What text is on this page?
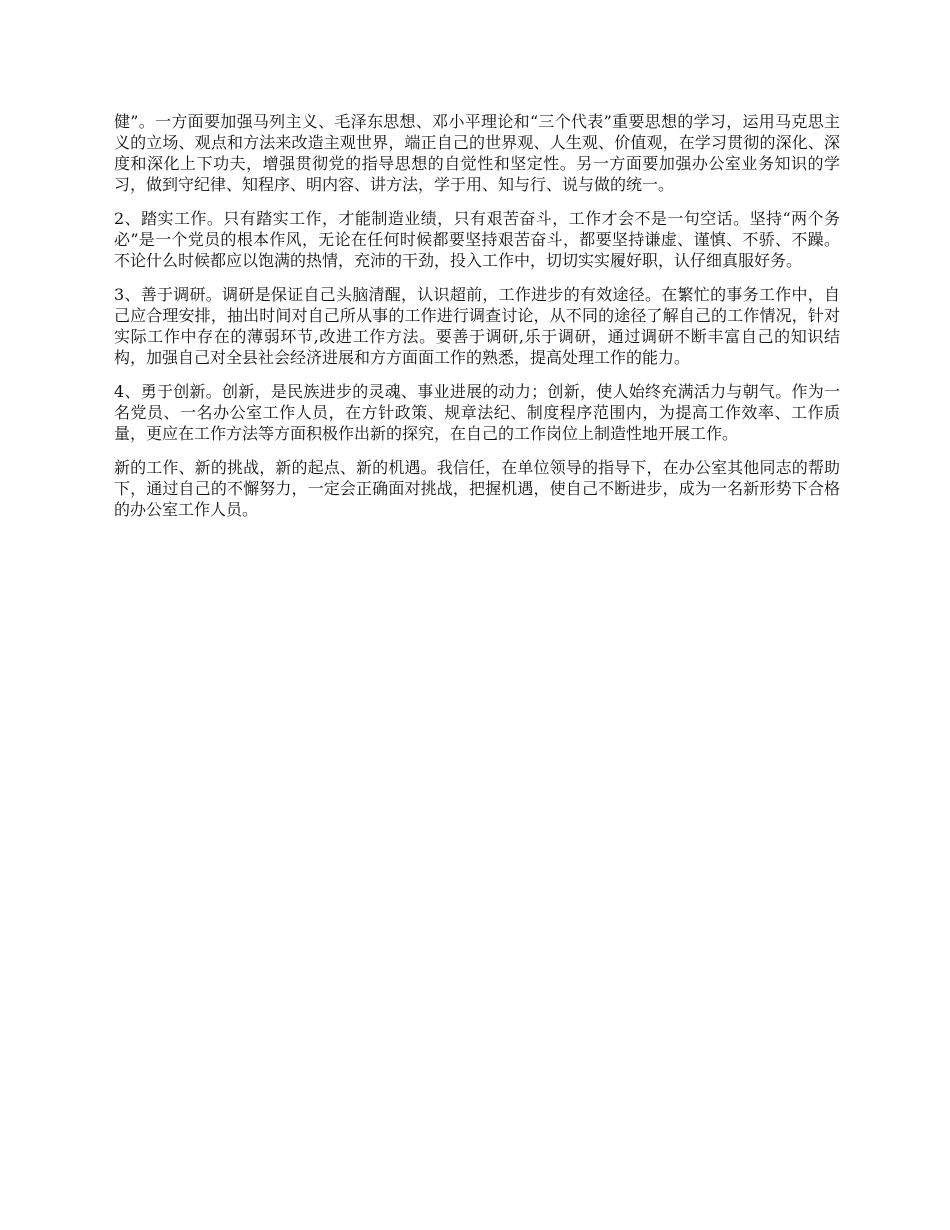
健”。一方面要加强马列主义、毛泽东思想、邓小平理论和“三个代表”重要思想的学习，运用马克思主义的立场、观点和方法来改造主观世界，端正自己的世界观、人生观、价值观，在学习贯彻的深化、深度和深化上下功夫，增强贯彻党的指导思想的自觉性和坚定性。另一方面要加强办公室业务知识的学习，做到守纪律、知程序、明内容、讲方法，学于用、知与行、说与做的统一。

2、踏实工作。只有踏实工作，才能制造业绩，只有艰苦奋斗，工作才会不是一句空话。坚持“两个务必”是一个党员的根本作风，无论在任何时候都要坚持艰苦奋斗，都要坚持谦虚、谨慎、不骄、不躁。不论什么时候都应以饱满的热情，充沛的干劲，投入工作中，切切实实履好职，认仔细真服好务。

3、善于调研。调研是保证自己头脑清醒，认识超前，工作进步的有效途径。在繁忙的事务工作中，自己应合理安排，抽出时间对自己所从事的工作进行调查讨论，从不同的途径了解自己的工作情况，针对实际工作中存在的薄弱环节,改进工作方法。要善于调研,乐于调研，通过调研不断丰富自己的知识结构，加强自己对全县社会经济进展和方方面面工作的熟悉，提高处理工作的能力。

4、勇于创新。创新，是民族进步的灵魂、事业进展的动力；创新，使人始终充满活力与朝气。作为一名党员、一名办公室工作人员，在方针政策、规章法纪、制度程序范围内，为提高工作效率、工作质量，更应在工作方法等方面积极作出新的探究，在自己的工作岗位上制造性地开展工作。

新的工作、新的挑战，新的起点、新的机遇。我信任，在单位领导的指导下，在办公室其他同志的帮助下，通过自己的不懈努力，一定会正确面对挑战，把握机遇，使自己不断进步，成为一名新形势下合格的办公室工作人员。
